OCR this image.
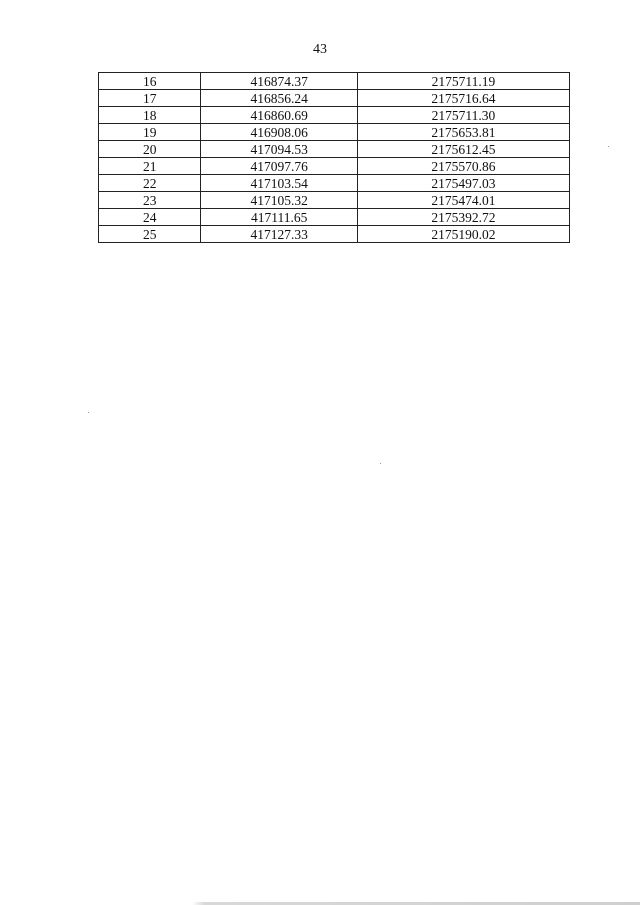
43
16	416874.37	2175711.19
17	416856.24	2175716.64
18	416860.69	2175711.30
19	416908.06	2175653.81
20	417094.53	2175612.45
21	417097.76	2175570.86
22	417103.54	2175497.03
23	417105.32	2175474.01
24	417111.65	2175392.72
25	417127.33	2175190.02
